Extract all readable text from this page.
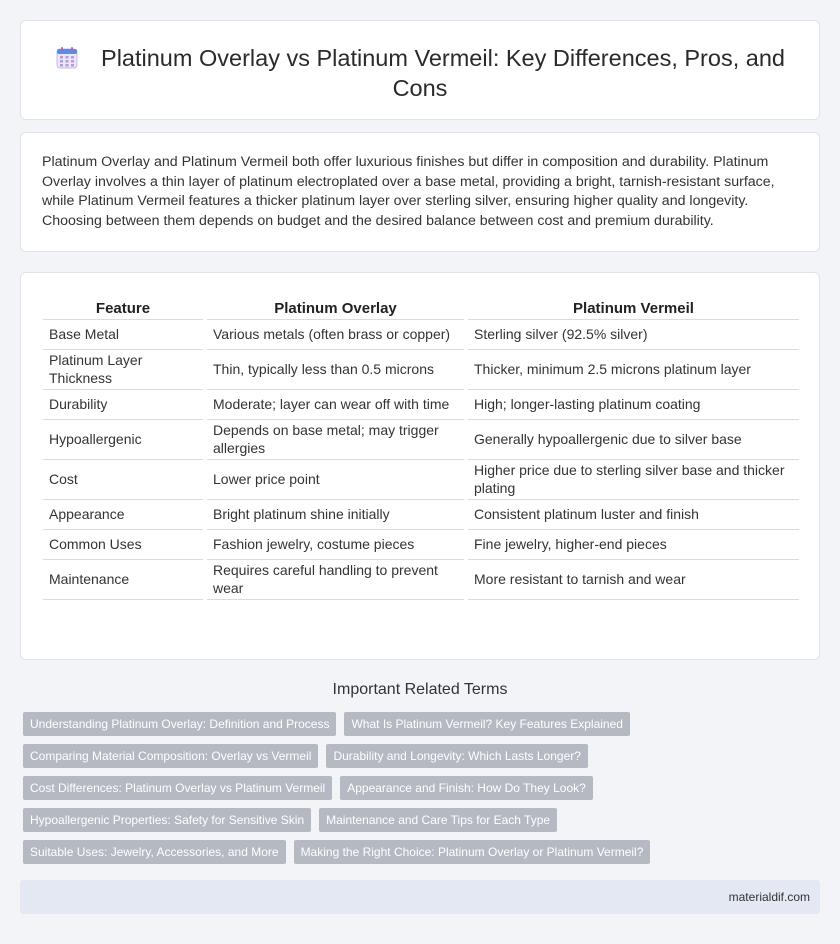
Platinum Overlay vs Platinum Vermeil: Key Differences, Pros, and Cons

Platinum Overlay and Platinum Vermeil both offer luxurious finishes but differ in composition and durability. Platinum Overlay involves a thin layer of platinum electroplated over a base metal, providing a bright, tarnish-resistant surface, while Platinum Vermeil features a thicker platinum layer over sterling silver, ensuring higher quality and longevity. Choosing between them depends on budget and the desired balance between cost and premium durability.

Feature	Platinum Overlay	Platinum Vermeil
Base Metal	Various metals (often brass or copper)	Sterling silver (92.5% silver)
Platinum Layer Thickness	Thin, typically less than 0.5 microns	Thicker, minimum 2.5 microns platinum layer
Durability	Moderate; layer can wear off with time	High; longer-lasting platinum coating
Hypoallergenic	Depends on base metal; may trigger allergies	Generally hypoallergenic due to silver base
Cost	Lower price point	Higher price due to sterling silver base and thicker plating
Appearance	Bright platinum shine initially	Consistent platinum luster and finish
Common Uses	Fashion jewelry, costume pieces	Fine jewelry, higher-end pieces
Maintenance	Requires careful handling to prevent wear	More resistant to tarnish and wear
Important Related Terms
Understanding Platinum Overlay: Definition and Process	What Is Platinum Vermeil? Key Features Explained
Comparing Material Composition: Overlay vs Vermeil	Durability and Longevity: Which Lasts Longer?
Cost Differences: Platinum Overlay vs Platinum Vermeil	Appearance and Finish: How Do They Look?
Hypoallergenic Properties: Safety for Sensitive Skin	Maintenance and Care Tips for Each Type
Suitable Uses: Jewelry, Accessories, and More	Making the Right Choice: Platinum Overlay or Platinum Vermeil?
materialdif.com
